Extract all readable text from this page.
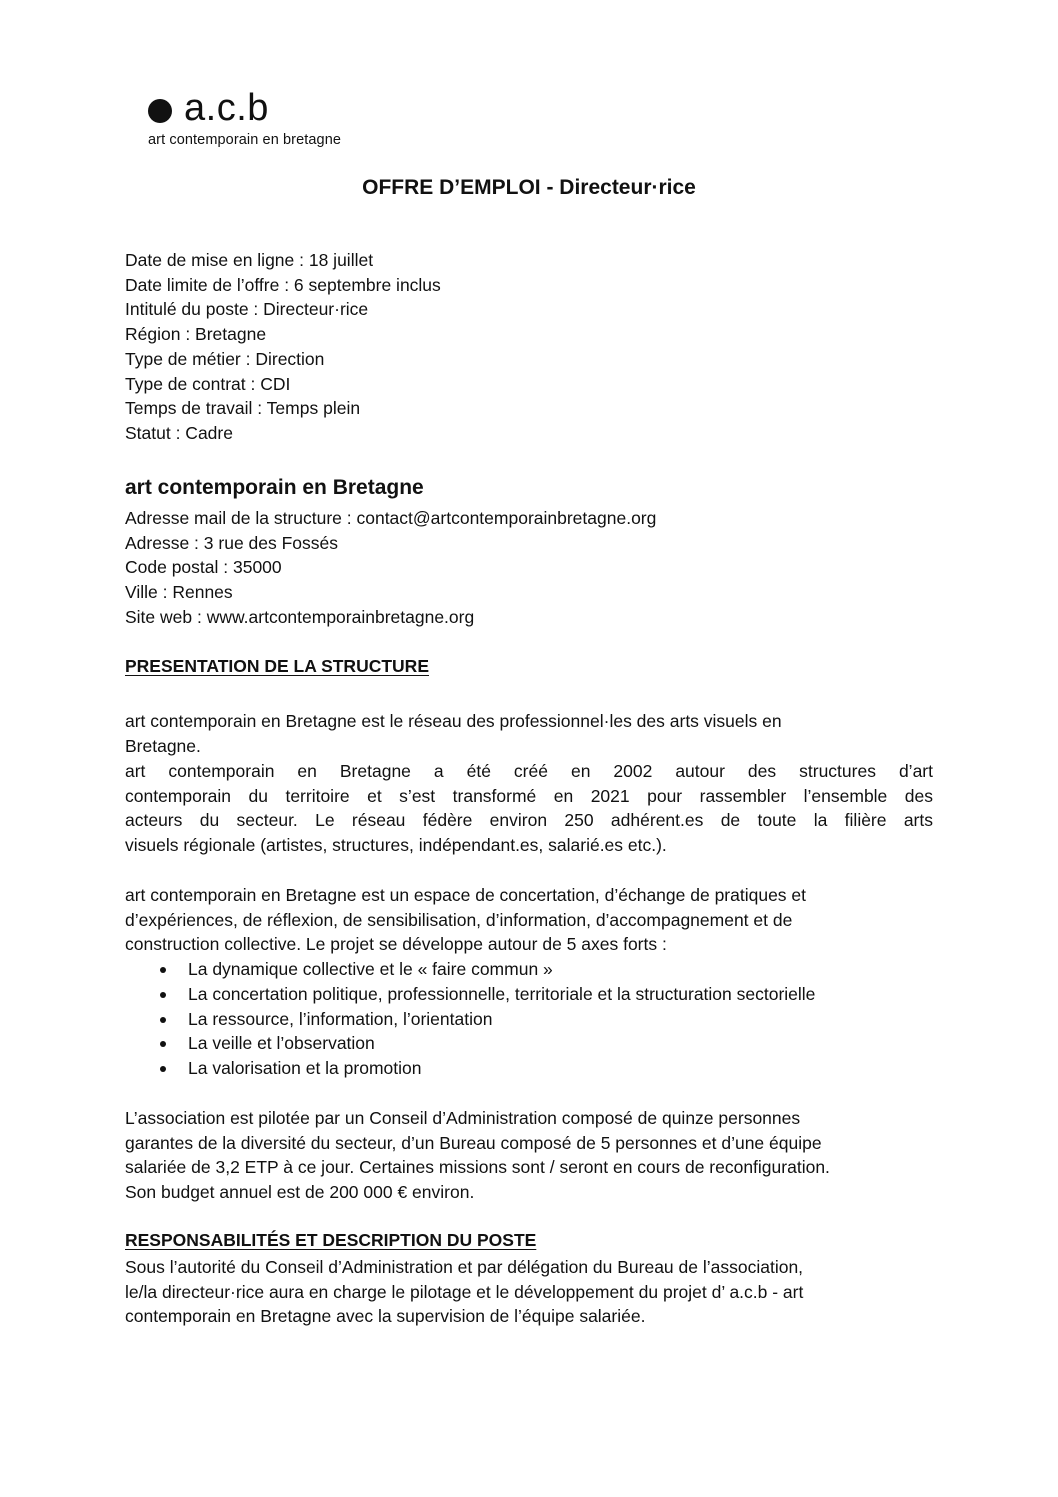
a.c.b
art contemporain en bretagne
OFFRE D’EMPLOI - Directeur·rice
Date de mise en ligne : 18 juillet
Date limite de l’offre : 6 septembre inclus
Intitulé du poste : Directeur·rice
Région : Bretagne
Type de métier : Direction
Type de contrat : CDI
Temps de travail : Temps plein
Statut : Cadre
art contemporain en Bretagne
Adresse mail de la structure : contact@artcontemporainbretagne.org
Adresse : 3 rue des Fossés
Code postal : 35000
Ville : Rennes
Site web : www.artcontemporainbretagne.org
PRESENTATION DE LA STRUCTURE
art contemporain en Bretagne est le réseau des professionnel·les des arts visuels en
Bretagne.
art contemporain en Bretagne a été créé en 2002 autour des structures d’art
contemporain du territoire et s’est transformé en 2021 pour rassembler l’ensemble des
acteurs du secteur. Le réseau fédère environ 250 adhérent.es de toute la filière arts
visuels régionale (artistes, structures, indépendant.es, salarié.es etc.).
art contemporain en Bretagne est un espace de concertation, d’échange de pratiques et
d’expériences, de réflexion, de sensibilisation, d’information, d’accompagnement et de
construction collective. Le projet se développe autour de 5 axes forts :
La dynamique collective et le « faire commun »
La concertation politique, professionnelle, territoriale et la structuration sectorielle
La ressource, l’information, l’orientation
La veille et l’observation
La valorisation et la promotion
L’association est pilotée par un Conseil d’Administration composé de quinze personnes
garantes de la diversité du secteur, d’un Bureau composé de 5 personnes et d’une équipe
salariée de 3,2 ETP à ce jour. Certaines missions sont / seront en cours de reconfiguration.
Son budget annuel est de 200 000 € environ.
RESPONSABILITÉS ET DESCRIPTION DU POSTE
Sous l’autorité du Conseil d’Administration et par délégation du Bureau de l’association,
le/la directeur·rice aura en charge le pilotage et le développement du projet d’ a.c.b - art
contemporain en Bretagne avec la supervision de l’équipe salariée.
